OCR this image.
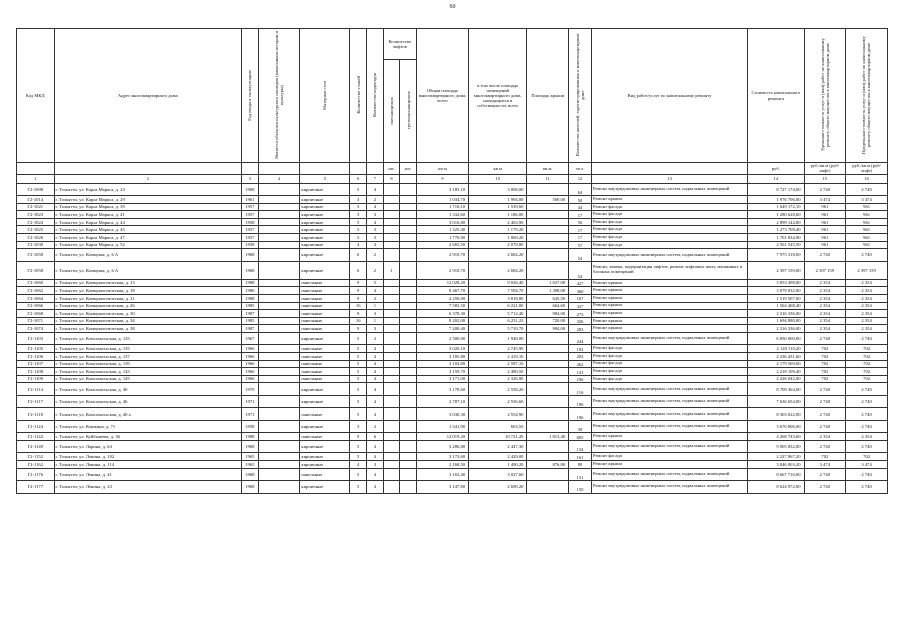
60
Код МКД	Адрес многоквартирного дома	Год ввода в эксплуатацию	Является объектом культурного наследия (памятником истории и культуры)	Материал стен	Количество этажей	Количество подъездов	Количество лифтов		Общая площадь многоквартирного дома, всего	в том числе площадь помещений многоквартирного дома, находящихся в собственности, всего	Площадь крыши	Количество жителей, зарегистрированных в многоквартирном доме	Вид работ/услуг по капитальному ремонту	Стоимость капитального ремонта	Удельная стоимость услуг и (или) работ по капитальному ремонту общего имущества в многоквартирном доме	Предельная стоимость услуг и (или) работ по капитальному ремонту общего имущества в многоквартирном доме
							пассажирских	грузопассажирских								
							шт.	шт.	кв.м	кв.м	кв.м.	чел.		руб.	руб./кв.м (руб/лифт)	руб./кв.м (руб/лифт)
1	2	3	4	5	6	7	8		9	10	11	12	13	14	15	16
Г2-1008	г. Тольятти, ул. Карла Маркса, д. 23	1968		кирпичные	5	4			3 185,10	3 008,00		64	Ремонт внутридомовых инженерных систем, подвальных помещений	8 727 174,00	2 740	2 740
Г2-1014	г. Тольятти, ул. Карла Маркса, д. 29	1961		кирпичные	3	2			1 034,70	1 994,00	569,00	50	Ремонт крыши	1 976 706,00	3 474	3 474
Г2-1021	г. Тольятти, ул. Карла Маркса, д. 39	1957		кирпичные	3	4			1 716,10	1 539,60		44	Ремонт фасада	1 649 172,10	961	961
Г2-1023	г. Тольятти, ул. Карла Маркса, д. 41	1957		кирпичные	3	3			1 332,60	1 186,00		17	Ремонт фасада	1 280 628,60	961	961
Г2-1024	г. Тольятти, ул. Карла Маркса, д. 44	1958		кирпичные	5	4			3 016,80	2 463,90		56	Ремонт фасада	2 899 144,80	961	961
Г2-1025	г. Тольятти, ул. Карла Маркса, д. 45	1957		кирпичные	3	3			1 325,40	1 179,20		17	Ремонт фасада	1 273 709,40	961	961
Г2-1026	г. Тольятти, ул. Карла Маркса, д. 47	1957		кирпичные	3	3			1 770,90	1 069,20		17	Ремонт фасада	1 701 834,90	961	961
Г2-1030	г. Тольятти, ул. Карла Маркса, д. 52	1958		кирпичные	4	4			2 665,50	2 079,80		57	Ремонт фасада	2 561 545,50	961	961
Г2-1058	г. Тольятти, ул. Коммуны, д. 6 А	1968		кирпичные	6	2			2 910,70	2 684,20		54	Ремонт внутридомовых инженерных систем, подвальных помещений	7 975 318,00	2 740	2 740
Г2-1058	г. Тольятти, ул. Коммуны, д. 6 А	1968		кирпичные	6	2	1		2 910,70	2 684,20		54	Ремонт, замена, модернизация лифтов, ремонт лифтовых шахт, машинных и блочных помещений	2 397 159,00	2 397 159	2 397 159
Г2-1060	г. Тольятти, ул. Коммунистическая, д. 13	1988		панельные	9	5			12 028,20	9 026,40	1 637,00	427	Ремонт крыши	3 853 498,00	2 354	2 354
Г2-1062	г. Тольятти, ул. Коммунистическая, д. 18	1986		панельные	9	4			8 467,70	7 594,70	1 308,00	360	Ремонт крыши	3 079 032,00	2 354	2 354
Г2-1064	г. Тольятти, ул. Коммунистическая, д. 21	1988		панельные	9	2			4 250,00	3 818,80	645,50	167	Ремонт крыши	1 519 507,00	2 354	2 354
Г2-1066	г. Тольятти, ул. Коммунистическая, д. 26	1985		панельные	16	1			7 583,50	6 221,00	664,60	327	Ремонт крыши	1 564 468,40	2 354	2 354
Г2-1068	г. Тольятти, ул. Коммунистическая, д. 30	1987		панельные	9	3			6 378,30	5 712,40	984,00	273	Ремонт крыши	2 316 336,00	2 354	2 354
Г2-1071	г. Тольятти, ул. Коммунистическая, д. 34	1985		панельные	16	1			8 202,00	6 251,23	720,00	326	Ремонт крыши	1 694 880,00	2 354	2 354
Г2-1074	г. Тольятти, ул. Коммунистическая, д. 38	1987		панельные	9	3			7 200,40	5 710,70	984,00	283	Ремонт крыши	2 316 336,00	2 354	2 354
Г2-1103	г. Тольятти, ул. Комсомольская, д. 125	1967		кирпичные	5	2			2 500,00	1 948,00		244	Ремонт внутридомовых инженерных систем, подвальных помещений	6 850 000,00	2 740	2 740
Г2-1105	г. Тольятти, ул. Комсомольская, д. 135	1966		панельные	5	4			3 020,10	2 745,90		192	Ремонт фасада	2 120 110,20	702	702
Г2-1106	г. Тольятти, ул. Комсомольская, д. 137	1966		панельные	5	4			3 185,80	2 419,10		203	Ремонт фасада	2 236 431,60	702	702
Г2-1107	г. Тольятти, ул. Комсомольская, д. 139	1966		панельные	5	4			3 104,80	2 587,10		262	Ремонт фасада	2 179 569,60	702	702
Г2-1108	г. Тольятти, ул. Комсомольская, д. 143	1966		панельные	5	4			3 159,70	2 480,50		141	Ремонт фасада	2 218 109,40	702	702
Г2-1109	г. Тольятти, ул. Комсомольская, д. 145	1966		панельные	5	4			3 171,00	2 326,90		196	Ремонт фасада	2 226 042,00	702	702
Г2-1114	г. Тольятти, ул. Комсомольская, д. 40	1970		кирпичные	5	4			3 178,60	2 558,20		116	Ремонт внутридомовых инженерных систем, подвальных помещений	8 709 364,00	2 740	2 740
Г2-1117	г. Тольятти, ул. Комсомольская, д. 46	1971		кирпичные	5	4			2 787,10	2 556,60		196	Ремонт внутридомовых инженерных систем, подвальных помещений	7 636 654,00	2 740	2 740
Г2-1118	г. Тольятти, ул. Комсомольская, д. 40 а	1971		панельные	5	4			3 030,30	2 554,90		196	Ремонт внутридомовых инженерных систем, подвальных помещений	8 303 022,00	2 740	2 740
Г2-1124	г. Тольятти, ул. Кошкина, д. 71	1958		кирпичные	3	2			1 341,90	603,50		39	Ремонт внутридомовых инженерных систем, подвальных помещений	3 676 806,00	2 740	2 740
Г2-1142	г. Тольятти, ул. Куйбышева, д. 36	1988		панельные	9	6			12 019,20	10 721,20	1 813,40	605	Ремонт крыши	4 268 743,60	2 354	2 354
Г2-1149	г. Тольятти, ул. Ларина, д. 64	1968		кирпичные	5	4			3 286,80	2 447,30		134	Ремонт внутридомовых инженерных систем, подвальных помещений	9 005 832,00	2 740	2 740
Г2-1152	г. Тольятти, ул. Ленина, д. 102	1965		кирпичные	5	4			3 173,60	2 429,00		161	Ремонт фасада	2 227 867,20	702	702
Г2-1162	г. Тольятти, ул. Ленина, д. 114	1965		кирпичные	4	3			2 168,50	1 490,20	876,80	89	Ремонт крыши	3 046 003,20	3 474	3 474
Г2-1176	г. Тольятти, ул. Ленина, д. 41	1968		панельные	5	4			3 163,40	3 027,60		131	Ремонт внутридомовых инженерных систем, подвальных помещений	8 667 716,00	2 740	2 740
Г2-1177	г. Тольятти, ул. Ленина, д. 43	1968		кирпичные	5	4			3 147,80	2 690,20		150	Ремонт внутридомовых инженерных систем, подвальных помещений	8 624 972,00	2 740	2 740
